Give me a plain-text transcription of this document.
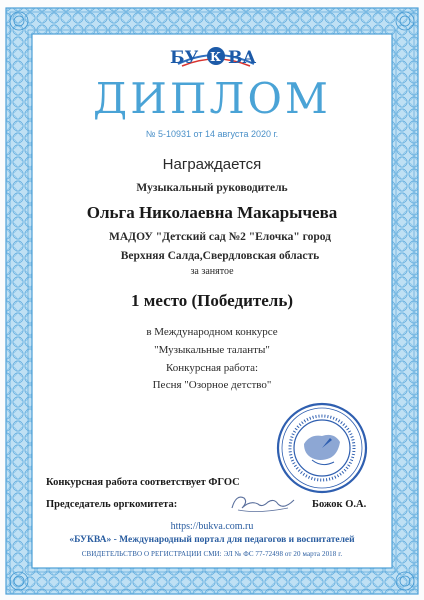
БУ К ВА
ДИПЛОМ
№ 5-10931 от 14 августа 2020 г.
Награждается
Музыкальный руководитель
Ольга Николаевна Макарычева
МАДОУ "Детский сад №2 "Елочка" город Верхняя Салда,Свердловская область
за занятое
1 место (Победитель)
в Международном конкурсе
"Музыкальные таланты"
Конкурсная работа:
Песня "Озорное детство"
Конкурсная работа соответствует ФГОС
Председатель оргкомитета:	Божок О.А.
https://bukva.com.ru
«БУКВА» - Международный портал для педагогов и воспитателей
СВИДЕТЕЛЬСТВО О РЕГИСТРАЦИИ СМИ: ЭЛ № ФС 77-72498 от 20 марта 2018 г.
